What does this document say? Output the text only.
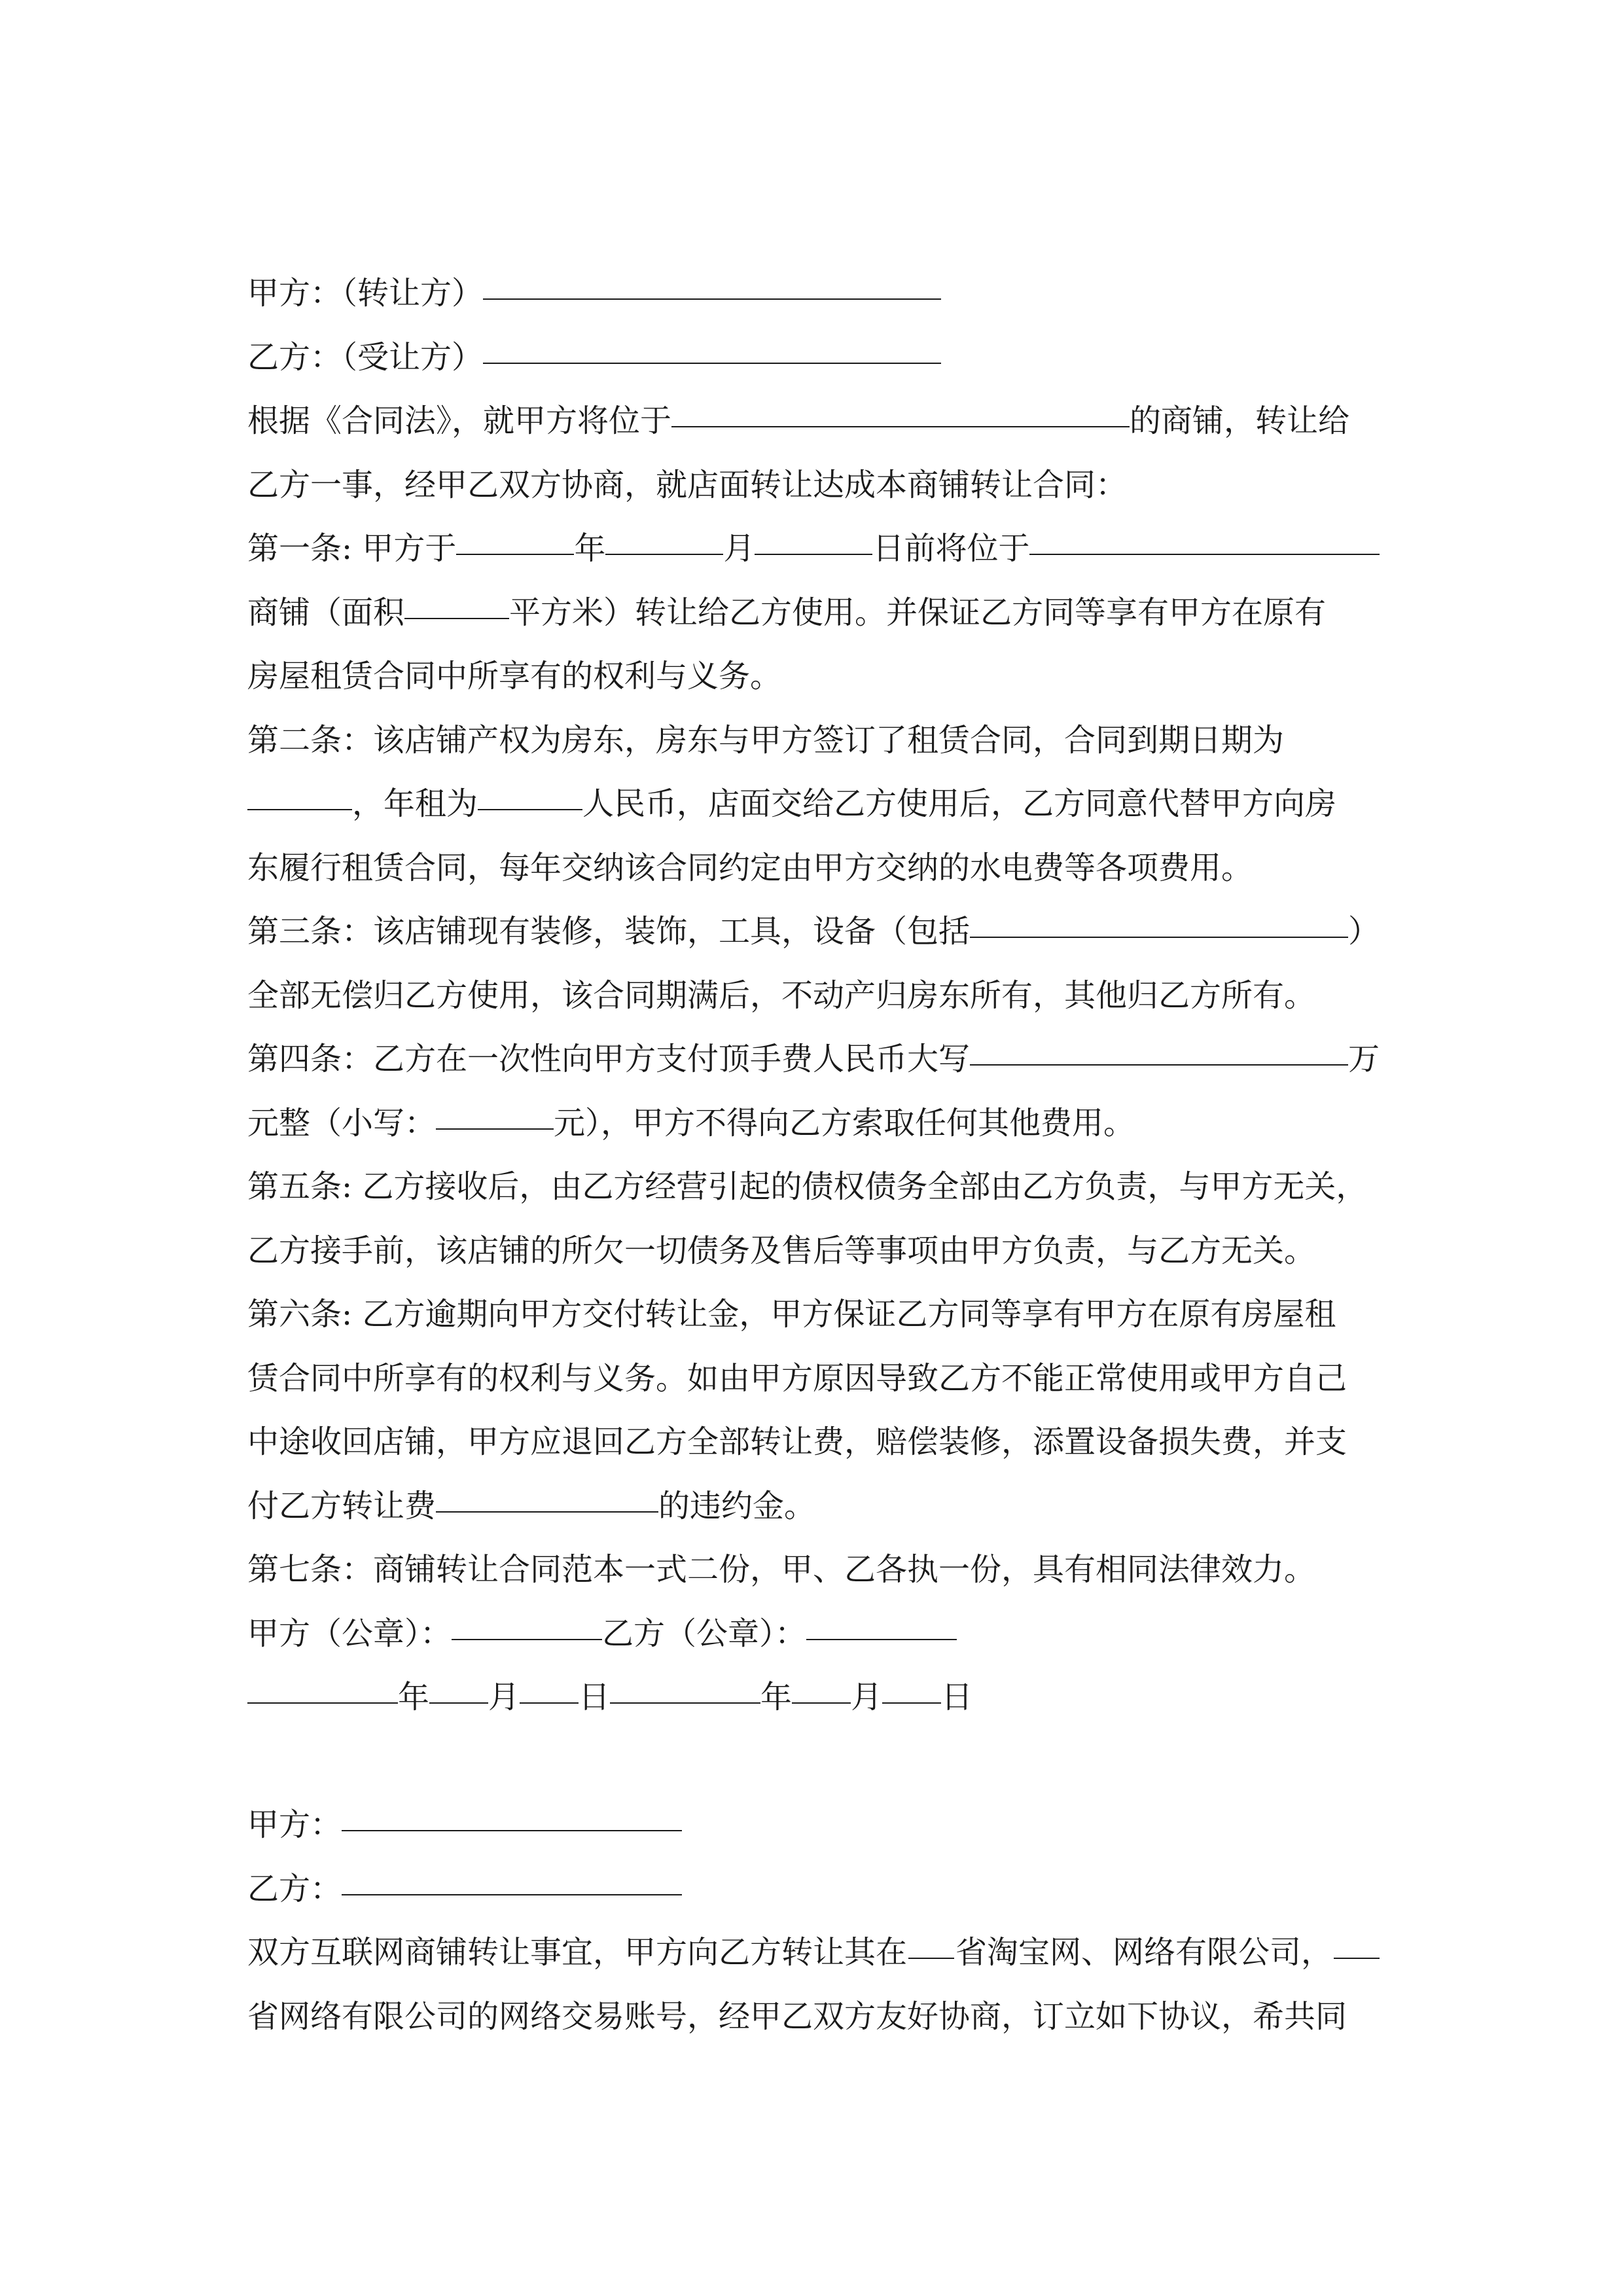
甲方：（转让方）
乙方：（受让方）
根据《合同法》，就甲方将位于	的商铺，转让给
乙方一事，经甲乙双方协商，就店面转让达成本商铺转让合同：
第一条: 甲方于	年	月	日前将位于
商铺（面积	平方米）转让给乙方使用。并保证乙方同等享有甲方在原有
房屋租赁合同中所享有的权利与义务。
第二条：该店铺产权为房东，房东与甲方签订了租赁合同，合同到期日期为
，年租为	人民币，店面交给乙方使用后，乙方同意代替甲方向房
东履行租赁合同，每年交纳该合同约定由甲方交纳的水电费等各项费用。
第三条：该店铺现有装修，装饰，工具，设备（包括	）
全部无偿归乙方使用，该合同期满后，不动产归房东所有，其他归乙方所有。
第四条：乙方在一次性向甲方支付顶手费人民币大写	万
元整（小写：	元），甲方不得向乙方索取任何其他费用。
第五条: 乙方接收后，由乙方经营引起的债权债务全部由乙方负责，与甲方无关，
乙方接手前，该店铺的所欠一切债务及售后等事项由甲方负责，与乙方无关。
第六条: 乙方逾期向甲方交付转让金，甲方保证乙方同等享有甲方在原有房屋租
赁合同中所享有的权利与义务。如由甲方原因导致乙方不能正常使用或甲方自己
中途收回店铺，甲方应退回乙方全部转让费，赔偿装修，添置设备损失费，并支
付乙方转让费	的违约金。
第七条：商铺转让合同范本一式二份，甲、乙各执一份，具有相同法律效力。
甲方（公章）：	乙方（公章）：
年 月 日	年 月 日
甲方：
乙方：
双方互联网商铺转让事宜，甲方向乙方转让其在 省淘宝网、网络有限公司，
省网络有限公司的网络交易账号，经甲乙双方友好协商，订立如下协议，希共同
